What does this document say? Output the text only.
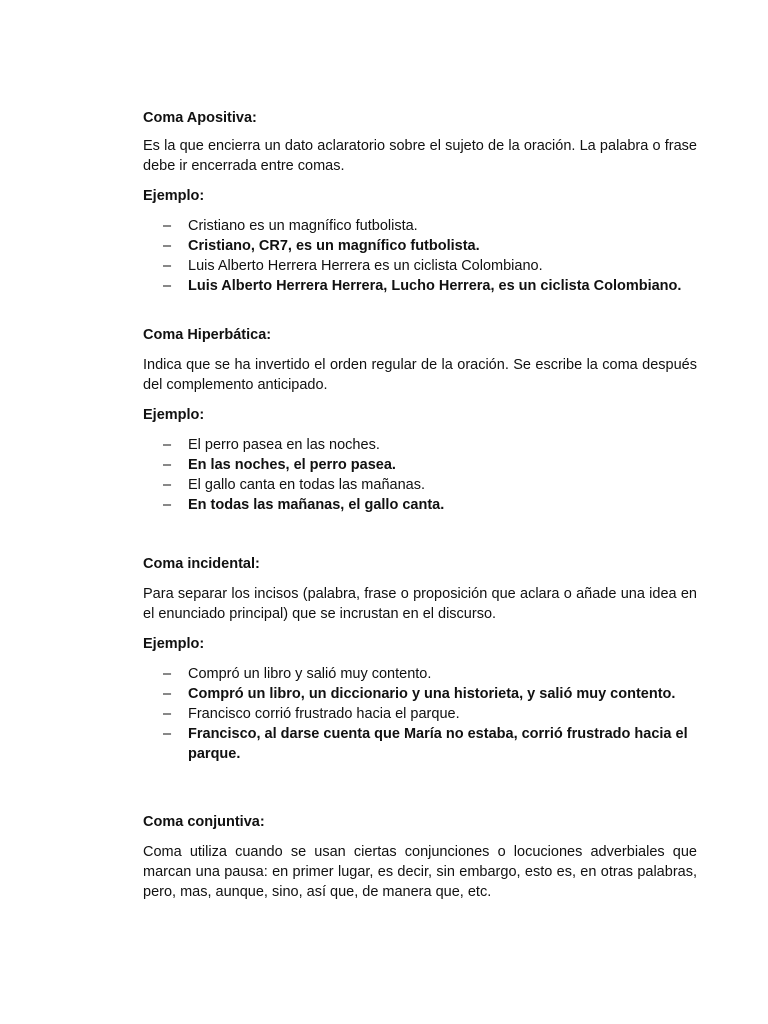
Coma Apositiva:

Es la que encierra un dato aclaratorio sobre el sujeto de la oración. La palabra o frase debe ir encerrada entre comas.

Ejemplo:

– Cristiano es un magnífico futbolista.
– Cristiano, CR7, es un magnífico futbolista.
– Luis Alberto Herrera Herrera es un ciclista Colombiano.
– Luis Alberto Herrera Herrera, Lucho Herrera, es un ciclista Colombiano.

Coma Hiperbática:

Indica que se ha invertido el orden regular de la oración. Se escribe la coma después del complemento anticipado.

Ejemplo:

– El perro pasea en las noches.
– En las noches, el perro pasea.
– El gallo canta en todas las mañanas.
– En todas las mañanas, el gallo canta.

Coma incidental:

Para separar los incisos (palabra, frase o proposición que aclara o añade una idea en el enunciado principal) que se incrustan en el discurso.

Ejemplo:

– Compró un libro y salió muy contento.
– Compró un libro, un diccionario y una historieta, y salió muy contento.
– Francisco corrió frustrado hacia el parque.
– Francisco, al darse cuenta que María no estaba, corrió frustrado hacia el parque.

Coma conjuntiva:

Coma utiliza cuando se usan ciertas conjunciones o locuciones adverbiales que marcan una pausa: en primer lugar, es decir, sin embargo, esto es, en otras palabras, pero, mas, aunque, sino, así que, de manera que, etc.
